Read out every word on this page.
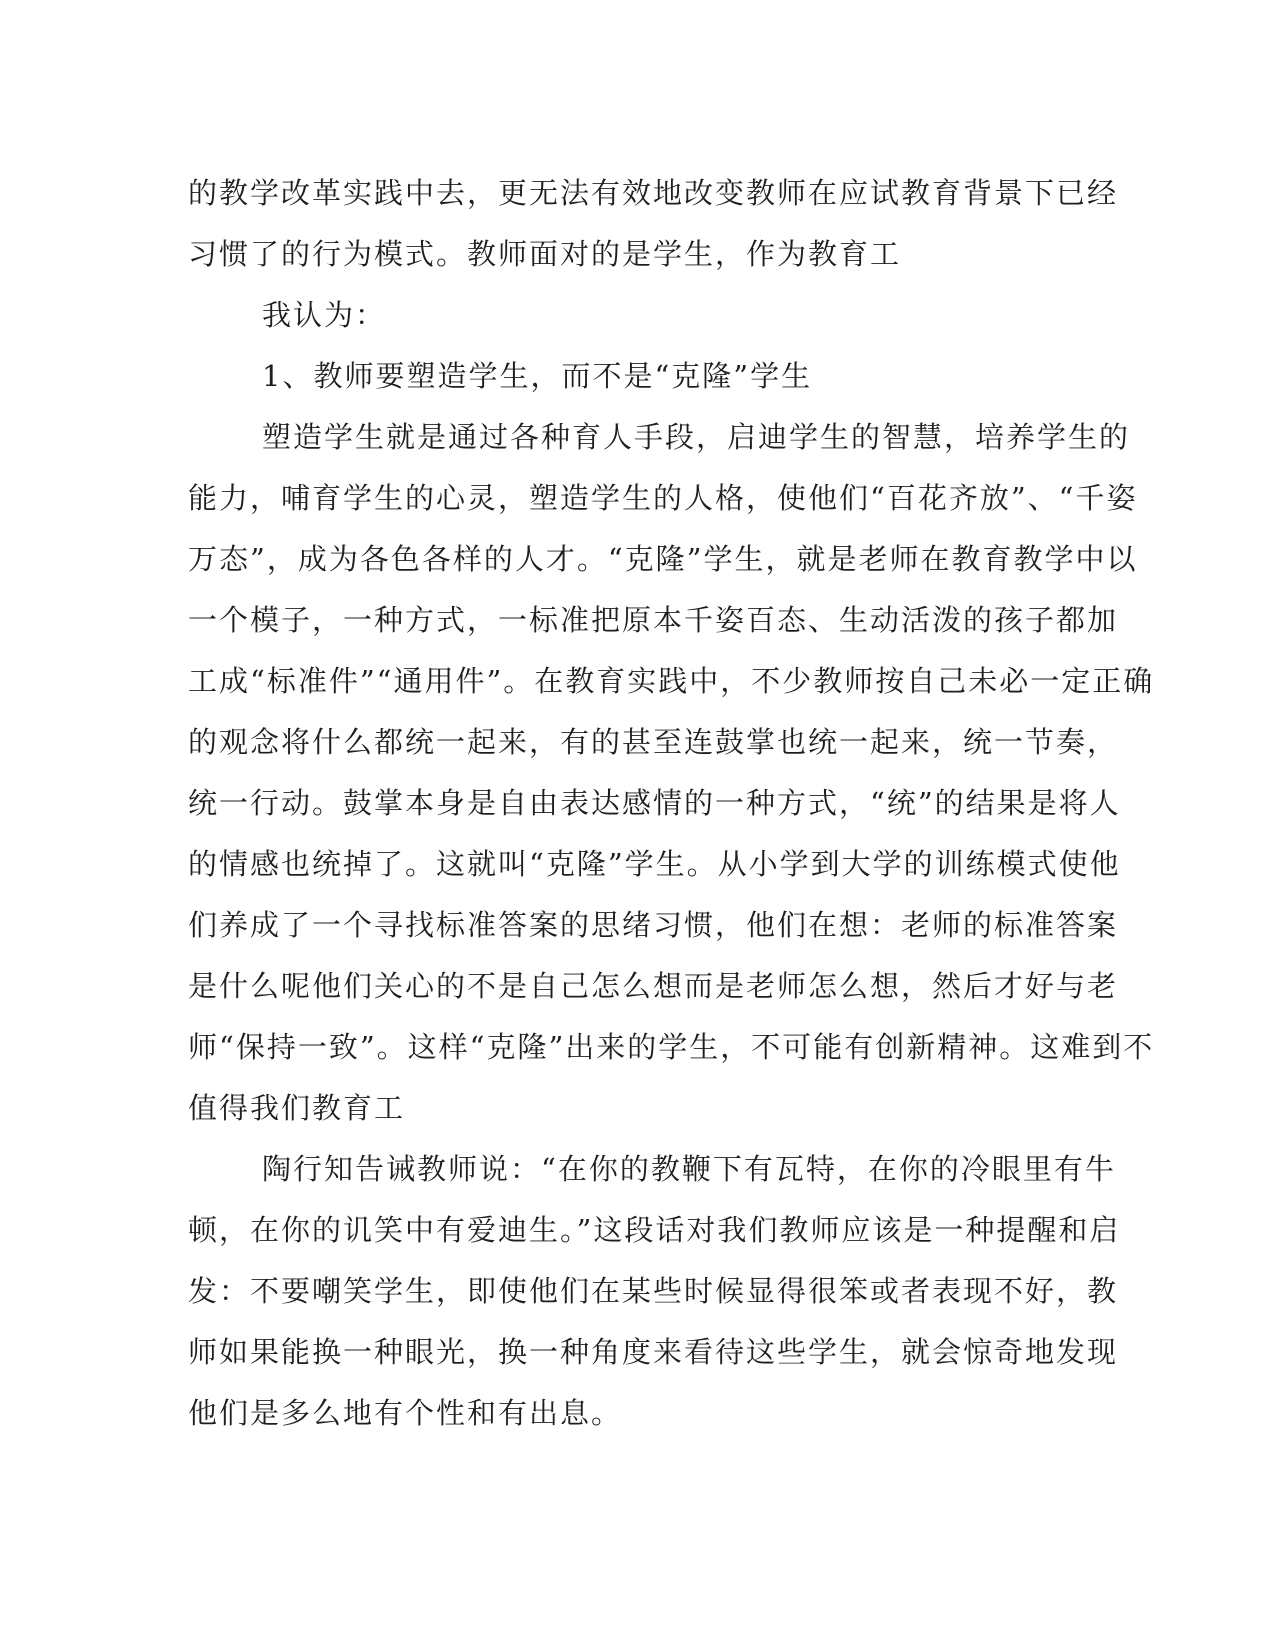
的教学改革实践中去，更无法有效地改变教师在应试教育背景下已经
习惯了的行为模式。教师面对的是学生，作为教育工
我认为：
1、教师要塑造学生，而不是“克隆”学生
塑造学生就是通过各种育人手段，启迪学生的智慧，培养学生的
能力，哺育学生的心灵，塑造学生的人格，使他们“百花齐放”、“千姿
万态”，成为各色各样的人才。“克隆”学生，就是老师在教育教学中以
一个模子，一种方式，一标准把原本千姿百态、生动活泼的孩子都加
工成“标准件”“通用件”。在教育实践中，不少教师按自己未必一定正确
的观念将什么都统一起来，有的甚至连鼓掌也统一起来，统一节奏，
统一行动。鼓掌本身是自由表达感情的一种方式，“统”的结果是将人
的情感也统掉了。这就叫“克隆”学生。从小学到大学的训练模式使他
们养成了一个寻找标准答案的思绪习惯，他们在想：老师的标准答案
是什么呢他们关心的不是自己怎么想而是老师怎么想，然后才好与老
师“保持一致”。这样“克隆”出来的学生，不可能有创新精神。这难到不
值得我们教育工
陶行知告诫教师说：“在你的教鞭下有瓦特，在你的冷眼里有牛
顿，在你的讥笑中有爱迪生。”这段话对我们教师应该是一种提醒和启
发：不要嘲笑学生，即使他们在某些时候显得很笨或者表现不好，教
师如果能换一种眼光，换一种角度来看待这些学生，就会惊奇地发现
他们是多么地有个性和有出息。
